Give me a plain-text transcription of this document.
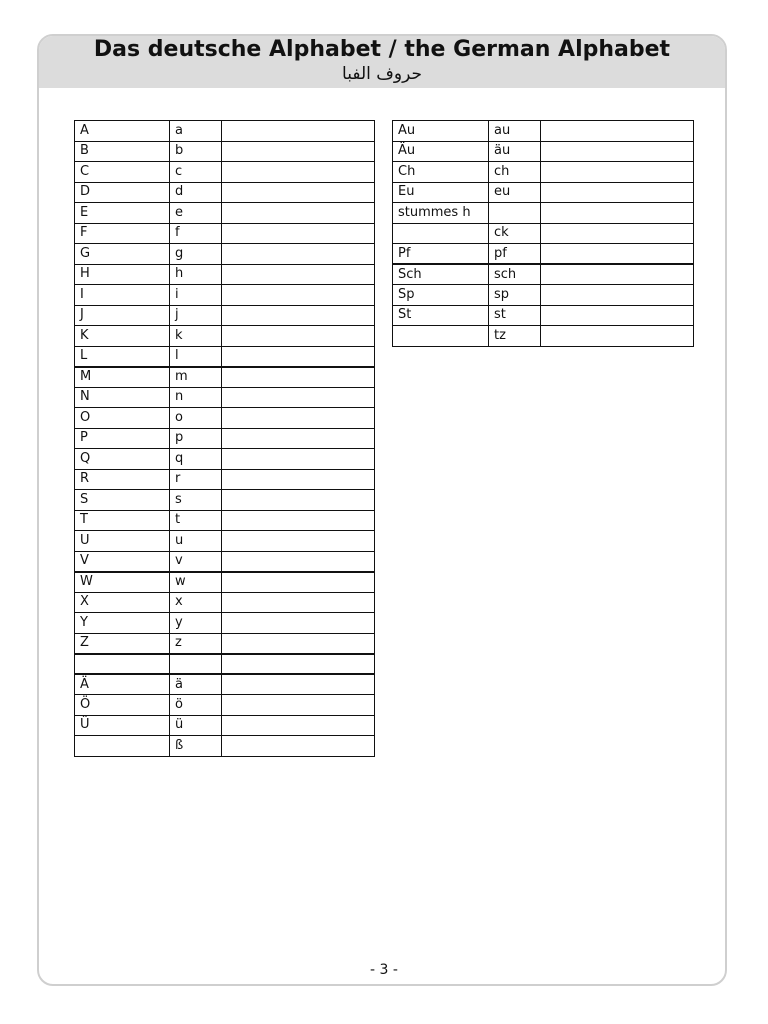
Das deutsche Alphabet / the German Alphabet
حروف الفبا
A	a	
B	b	
C	c	
D	d	
E	e	
F	f	
G	g	
H	h	
I	i	
J	j	
K	k	
L	l	
M	m	
N	n	
O	o	
P	p	
Q	q	
R	r	
S	s	
T	t	
U	u	
V	v	
W	w	
X	x	
Y	y	
Z	z	

Ä	ä	
Ö	ö	
Ü	ü	
	ß	
Au	au	
Äu	äu	
Ch	ch	
Eu	eu	
stummes h		
	ck	
Pf	pf	
Sch	sch	
Sp	sp	
St	st	
	tz	
- 3 -
